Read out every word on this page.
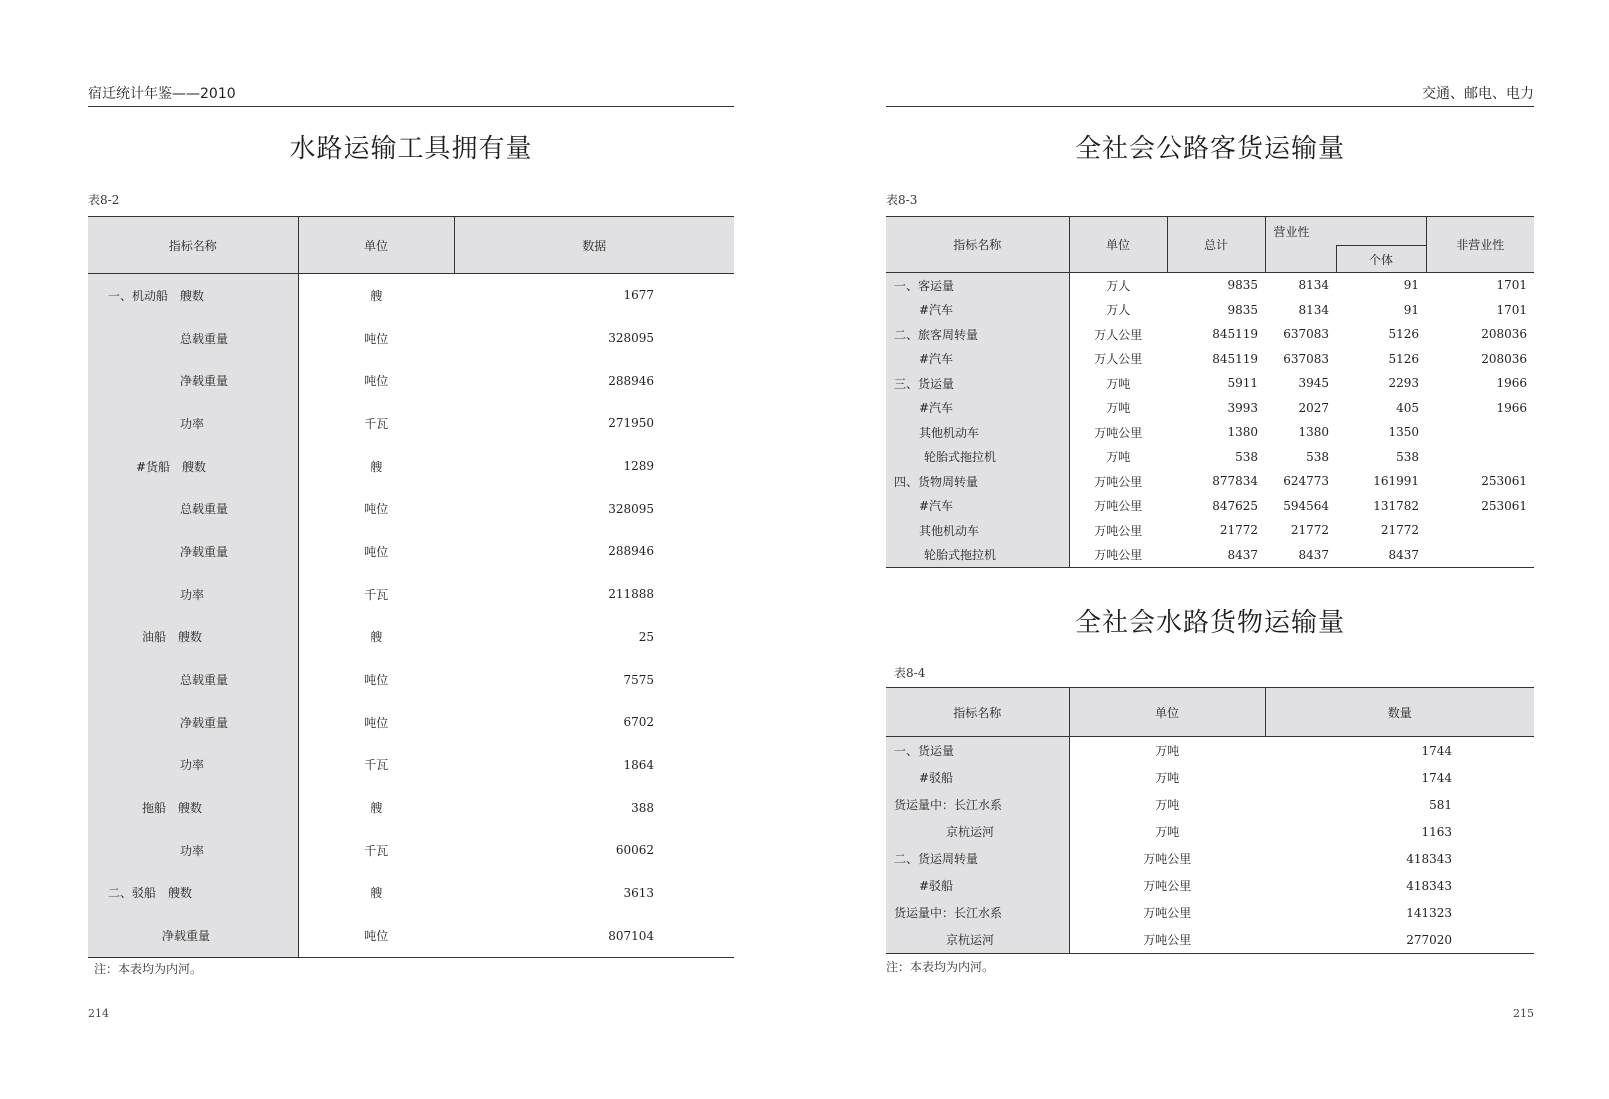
宿迁统计年鉴——2010
水路运输工具拥有量
表8-2
指标名称	单位	数据
一、机动船　艘数	艘	1677
总载重量	吨位	328095
净载重量	吨位	288946
功率	千瓦	271950
#货船　艘数	艘	1289
总载重量	吨位	328095
净载重量	吨位	288946
功率	千瓦	211888
油船　艘数	艘	25
总载重量	吨位	7575
净载重量	吨位	6702
功率	千瓦	1864
拖船　艘数	艘	388
功率	千瓦	60062
二、驳船　艘数	艘	3613
净载重量	吨位	807104
注：本表均为内河。
214
交通、邮电、电力
全社会公路客货运输量
表8-3
指标名称	单位	总计	营业性		非营业性
				个体	
一、客运量	万人	9835	8134	91	1701
#汽车	万人	9835	8134	91	1701
二、旅客周转量	万人公里	845119	637083	5126	208036
#汽车	万人公里	845119	637083	5126	208036
三、货运量	万吨	5911	3945	2293	1966
#汽车	万吨	3993	2027	405	1966
其他机动车	万吨公里	1380	1380	1350	
轮胎式拖拉机	万吨	538	538	538	
四、货物周转量	万吨公里	877834	624773	161991	253061
#汽车	万吨公里	847625	594564	131782	253061
其他机动车	万吨公里	21772	21772	21772	
轮胎式拖拉机	万吨公里	8437	8437	8437	
全社会水路货物运输量
表8-4
指标名称	单位	数量
一、货运量	万吨	1744
#驳船	万吨	1744
货运量中：长江水系	万吨	581
京杭运河	万吨	1163
二、货运周转量	万吨公里	418343
#驳船	万吨公里	418343
货运量中：长江水系	万吨公里	141323
京杭运河	万吨公里	277020
注：本表均为内河。
215
